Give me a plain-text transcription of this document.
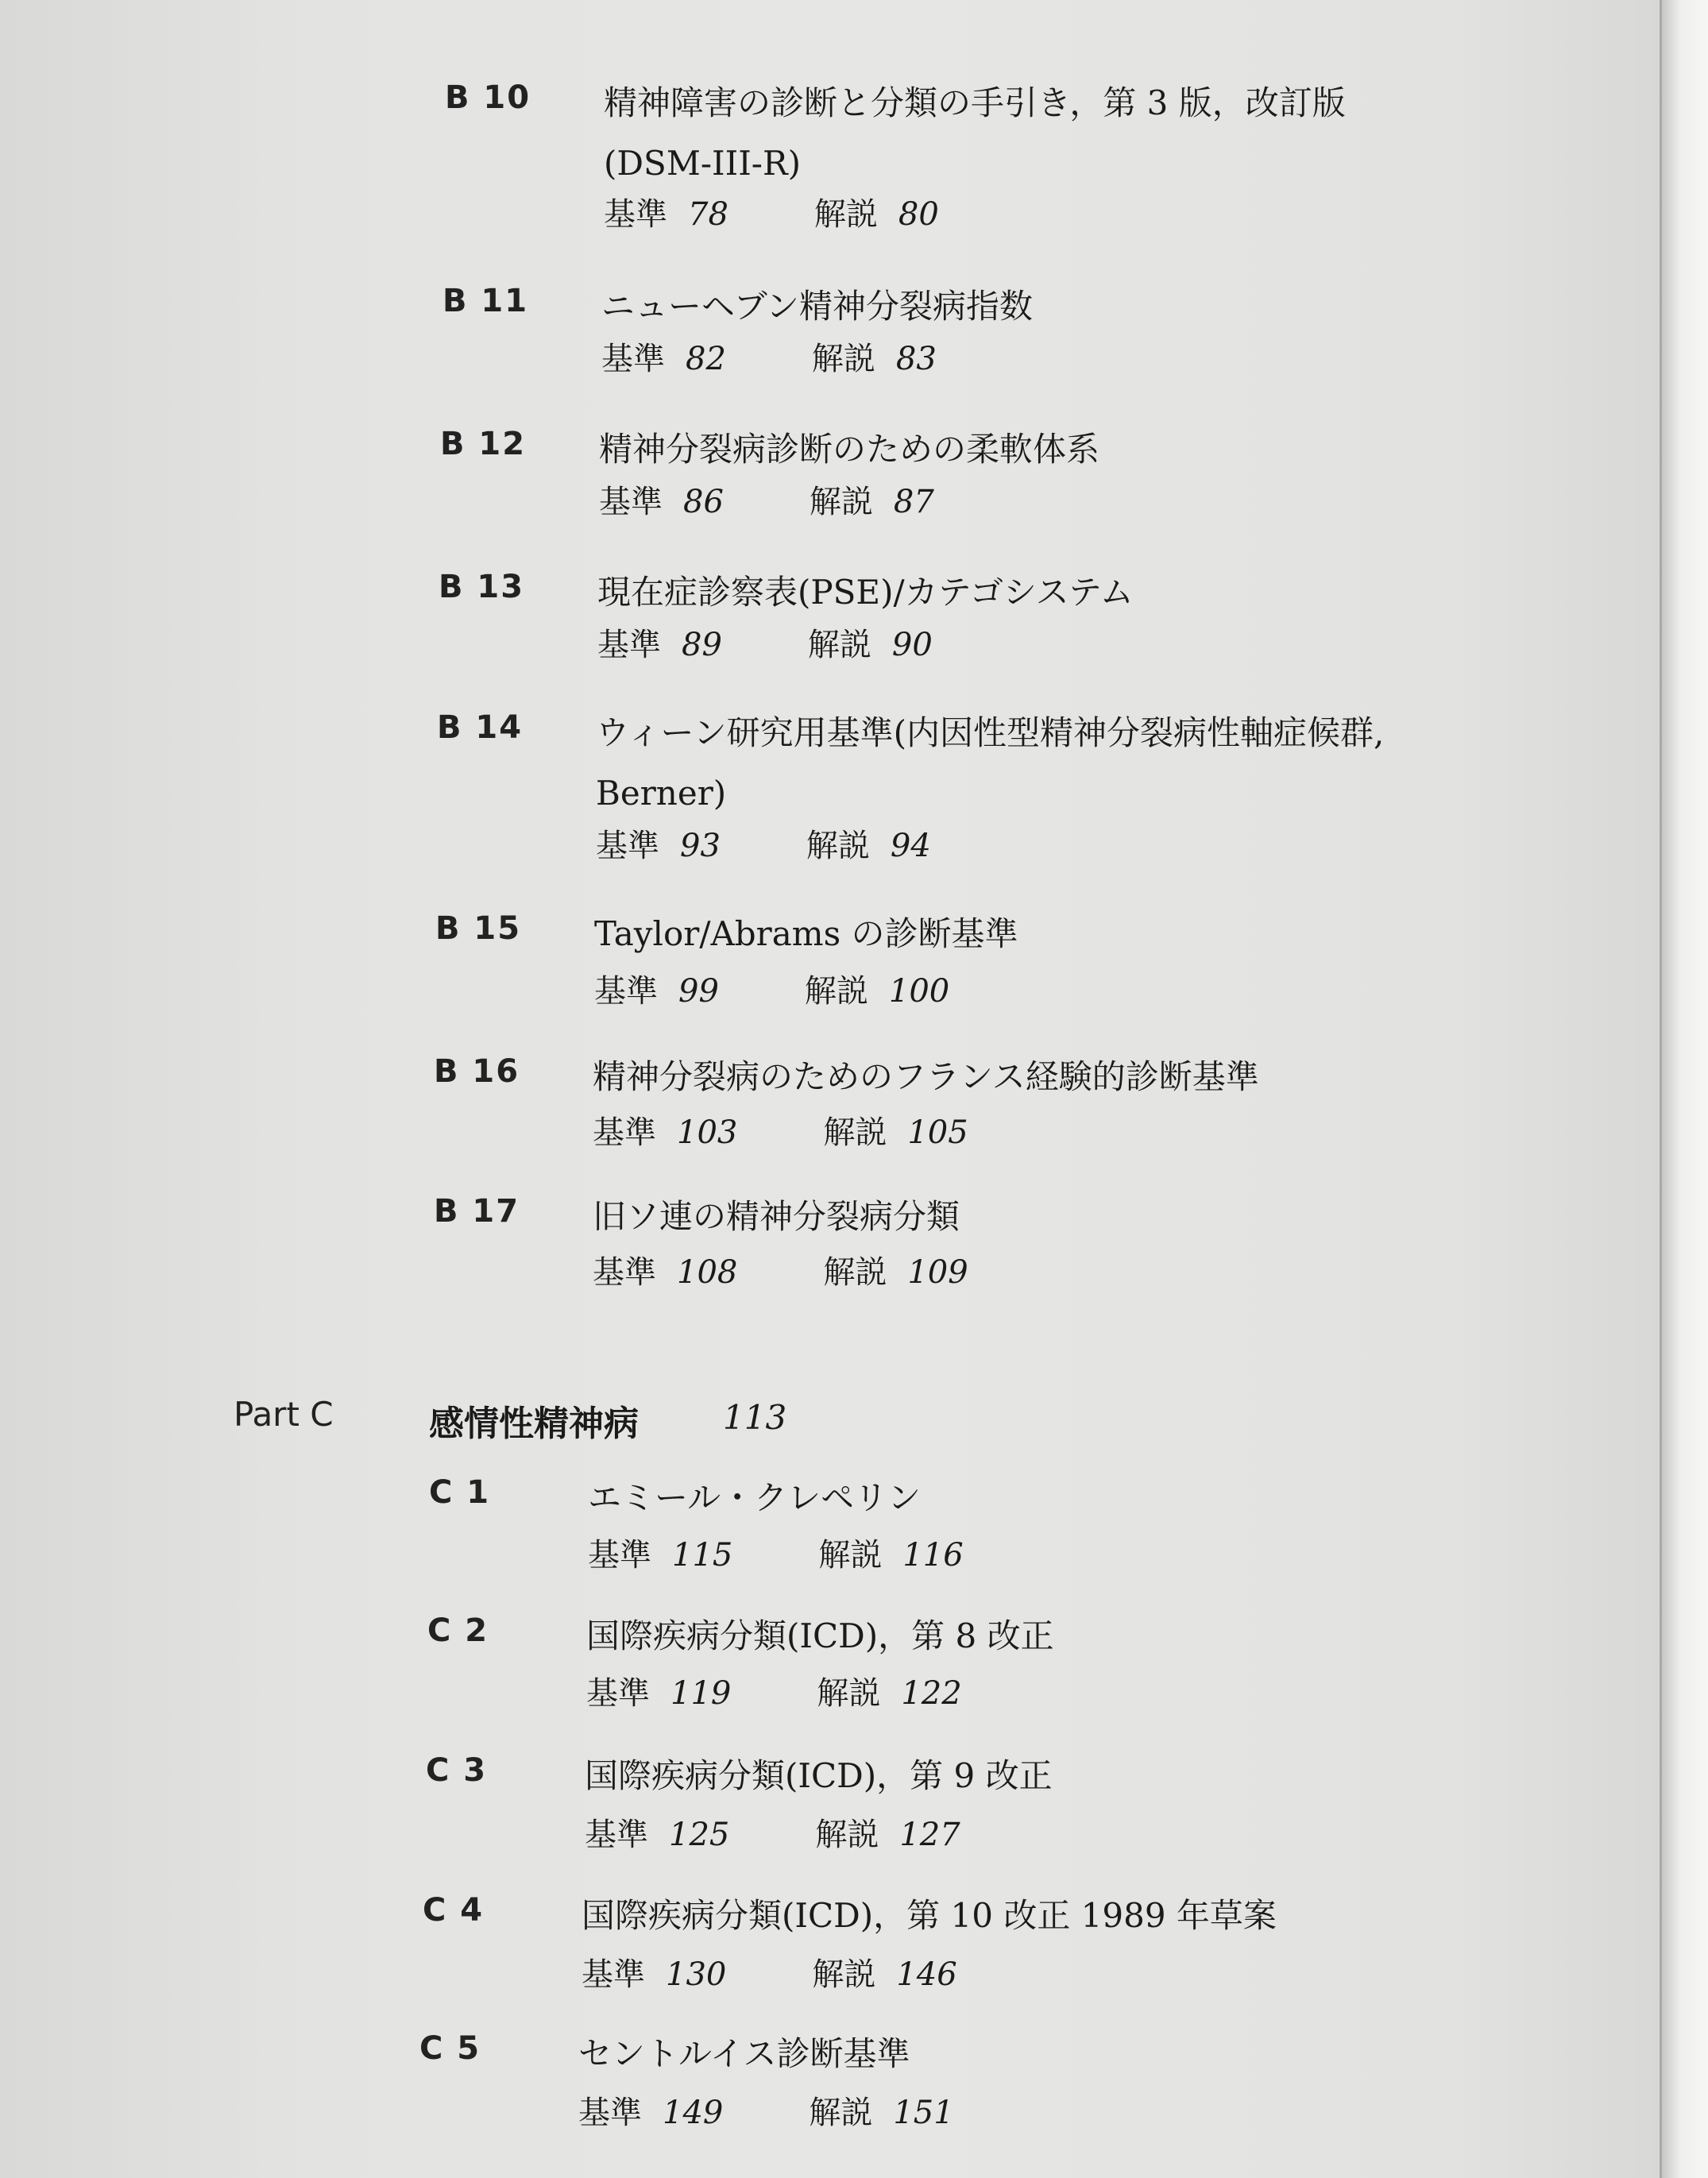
B 10 精神障害の診断と分類の手引き，第 3 版，改訂版
(DSM-III-R)
基準 78	解説 80
B 11 ニューヘブン精神分裂病指数
基準 82	解説 83
B 12 精神分裂病診断のための柔軟体系
基準 86	解説 87
B 13 現在症診察表(PSE)/カテゴシステム
基準 89	解説 90
B 14 ウィーン研究用基準(内因性型精神分裂病性軸症候群,
Berner)
基準 93	解説 94
B 15 Taylor/Abrams の診断基準
基準 99	解説 100
B 16 精神分裂病のためのフランス経験的診断基準
基準 103	解説 105
B 17 旧ソ連の精神分裂病分類
基準 108	解説 109
Part C	感情性精神病	113
C 1	エミール・クレペリン
基準 115	解説 116
C 2	国際疾病分類(ICD)，第 8 改正
基準 119	解説 122
C 3	国際疾病分類(ICD)，第 9 改正
基準 125	解説 127
C 4	国際疾病分類(ICD)，第 10 改正 1989 年草案
基準 130	解説 146
C 5	セントルイス診断基準
基準 149	解説 151
